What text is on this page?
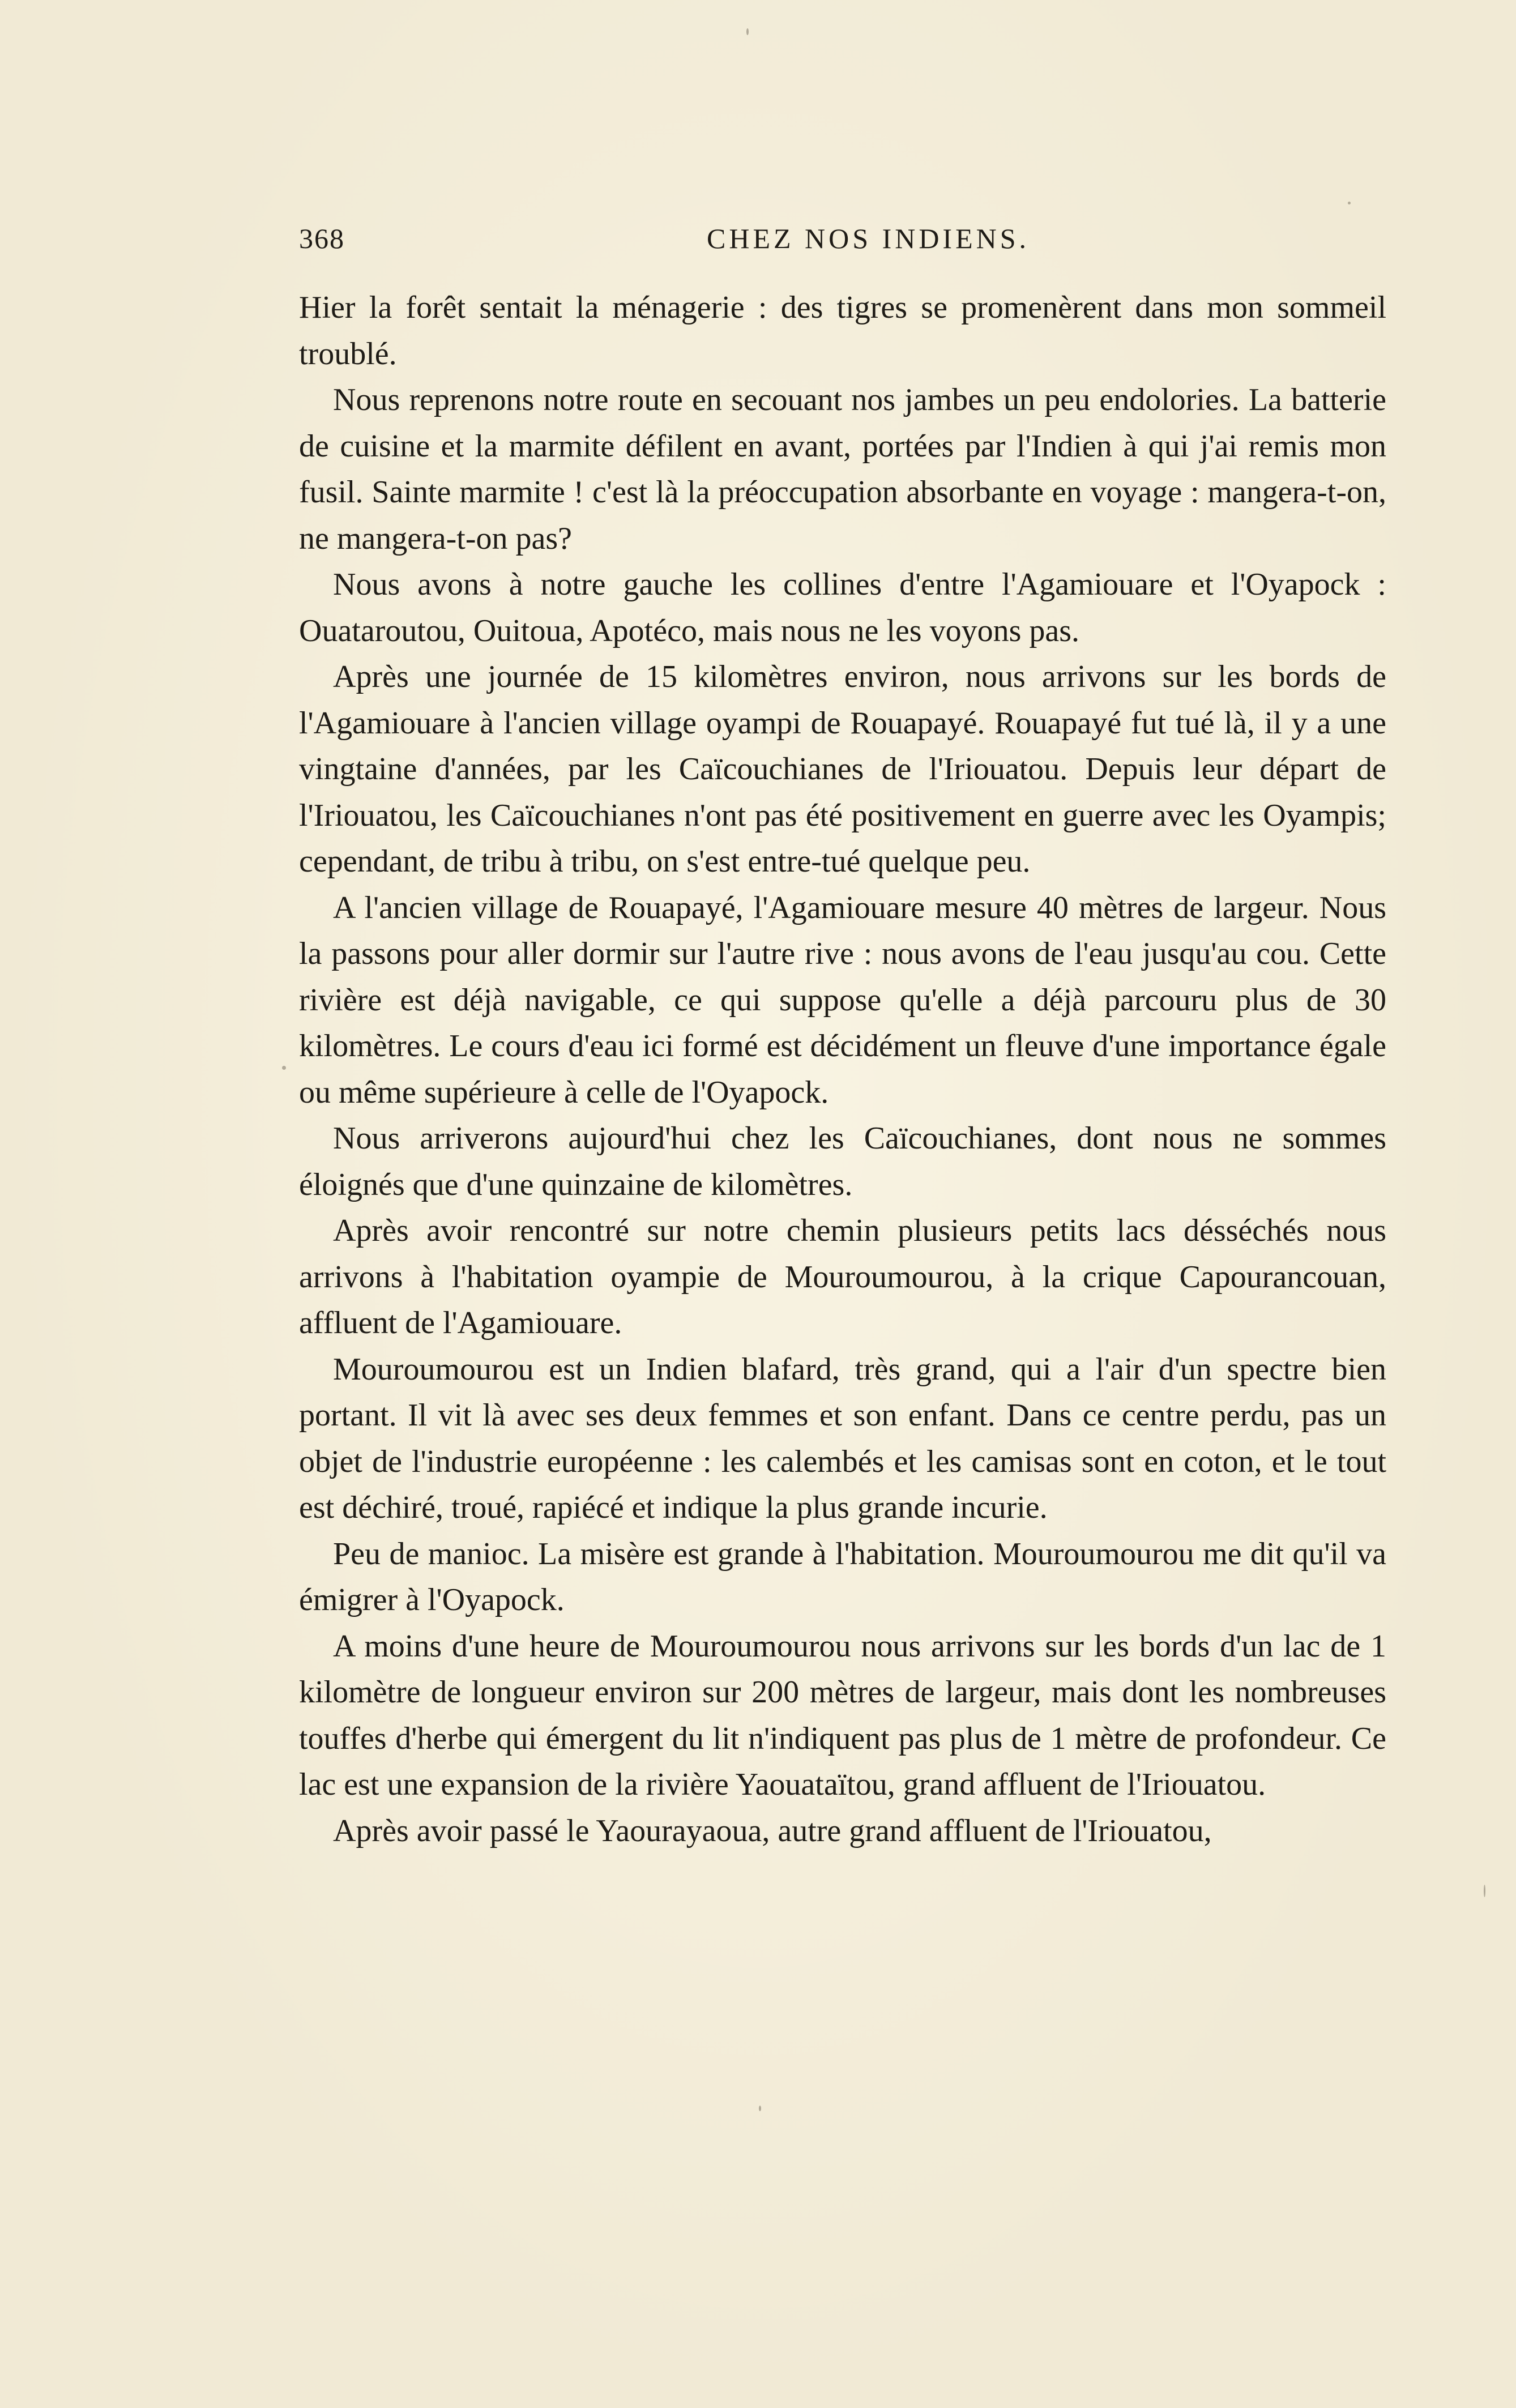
368	CHEZ NOS INDIENS.

Hier la forêt sentait la ménagerie : des tigres se promenèrent dans mon sommeil troublé.

Nous reprenons notre route en secouant nos jambes un peu endolories. La batterie de cuisine et la marmite défilent en avant, portées par l'Indien à qui j'ai remis mon fusil. Sainte marmite ! c'est là la préoccupation absorbante en voyage : mangera-t-on, ne mangera-t-on pas?

Nous avons à notre gauche les collines d'entre l'Agamiouare et l'Oyapock : Ouataroutou, Ouitoua, Apotéco, mais nous ne les voyons pas.

Après une journée de 15 kilomètres environ, nous arrivons sur les bords de l'Agamiouare à l'ancien village oyampi de Rouapayé. Rouapayé fut tué là, il y a une vingtaine d'années, par les Caïcouchianes de l'Iriouatou. Depuis leur départ de l'Iriouatou, les Caïcouchianes n'ont pas été positivement en guerre avec les Oyampis; cependant, de tribu à tribu, on s'est entre-tué quelque peu.

A l'ancien village de Rouapayé, l'Agamiouare mesure 40 mètres de largeur. Nous la passons pour aller dormir sur l'autre rive : nous avons de l'eau jusqu'au cou. Cette rivière est déjà navigable, ce qui suppose qu'elle a déjà parcouru plus de 30 kilomètres. Le cours d'eau ici formé est décidément un fleuve d'une importance égale ou même supérieure à celle de l'Oyapock.

Nous arriverons aujourd'hui chez les Caïcouchianes, dont nous ne sommes éloignés que d'une quinzaine de kilomètres.

Après avoir rencontré sur notre chemin plusieurs petits lacs désséchés nous arrivons à l'habitation oyampie de Mouroumourou, à la crique Capourancouan, affluent de l'Agamiouare.

Mouroumourou est un Indien blafard, très grand, qui a l'air d'un spectre bien portant. Il vit là avec ses deux femmes et son enfant. Dans ce centre perdu, pas un objet de l'industrie européenne : les calembés et les camisas sont en coton, et le tout est déchiré, troué, rapiécé et indique la plus grande incurie.

Peu de manioc. La misère est grande à l'habitation. Mouroumourou me dit qu'il va émigrer à l'Oyapock.

A moins d'une heure de Mouroumourou nous arrivons sur les bords d'un lac de 1 kilomètre de longueur environ sur 200 mètres de largeur, mais dont les nombreuses touffes d'herbe qui émergent du lit n'indiquent pas plus de 1 mètre de profondeur. Ce lac est une expansion de la rivière Yaouataïtou, grand affluent de l'Iriouatou.

Après avoir passé le Yaourayaoua, autre grand affluent de l'Iriouatou,
